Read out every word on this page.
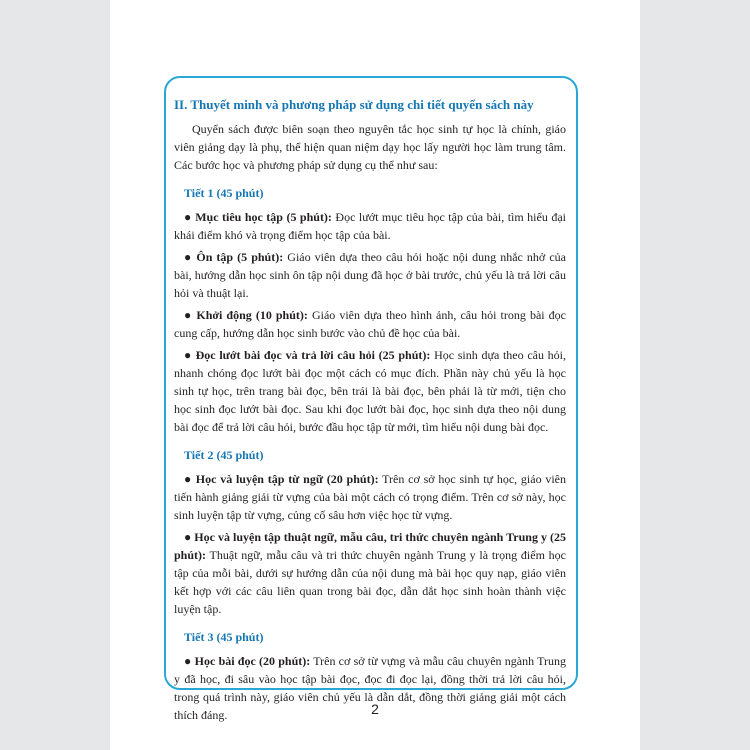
II. Thuyết minh và phương pháp sử dụng chi tiết quyển sách này

Quyển sách được biên soạn theo nguyên tắc học sinh tự học là chính, giáo viên giảng dạy là phụ, thể hiện quan niệm dạy học lấy người học làm trung tâm. Các bước học và phương pháp sử dụng cụ thể như sau:

Tiết 1 (45 phút)

● Mục tiêu học tập (5 phút): Đọc lướt mục tiêu học tập của bài, tìm hiểu đại khái điểm khó và trọng điểm học tập của bài.

● Ôn tập (5 phút): Giáo viên dựa theo câu hỏi hoặc nội dung nhắc nhở của bài, hướng dẫn học sinh ôn tập nội dung đã học ở bài trước, chủ yếu là trả lời câu hỏi và thuật lại.

● Khởi động (10 phút): Giáo viên dựa theo hình ảnh, câu hỏi trong bài đọc cung cấp, hướng dẫn học sinh bước vào chủ đề học của bài.

● Đọc lướt bài đọc và trả lời câu hỏi (25 phút): Học sinh dựa theo câu hỏi, nhanh chóng đọc lướt bài đọc một cách có mục đích. Phần này chủ yếu là học sinh tự học, trên trang bài đọc, bên trái là bài đọc, bên phải là từ mới, tiện cho học sinh đọc lướt bài đọc. Sau khi đọc lướt bài đọc, học sinh dựa theo nội dung bài đọc để trả lời câu hỏi, bước đầu học tập từ mới, tìm hiểu nội dung bài đọc.

Tiết 2 (45 phút)

● Học và luyện tập từ ngữ (20 phút): Trên cơ sở học sinh tự học, giáo viên tiến hành giảng giải từ vựng của bài một cách có trọng điểm. Trên cơ sở này, học sinh luyện tập từ vựng, củng cố sâu hơn việc học từ vựng.

● Học và luyện tập thuật ngữ, mẫu câu, tri thức chuyên ngành Trung y (25 phút): Thuật ngữ, mẫu câu và tri thức chuyên ngành Trung y là trọng điểm học tập của mỗi bài, dưới sự hướng dẫn của nội dung mà bài học quy nạp, giáo viên kết hợp với các câu liên quan trong bài đọc, dẫn dắt học sinh hoàn thành việc luyện tập.

Tiết 3 (45 phút)

● Học bài đọc (20 phút): Trên cơ sở từ vựng và mẫu câu chuyên ngành Trung y đã học, đi sâu vào học tập bài đọc, đọc đi đọc lại, đồng thời trả lời câu hỏi, trong quá trình này, giáo viên chủ yếu là dẫn dắt, đồng thời giảng giải một cách thích đáng.	2
